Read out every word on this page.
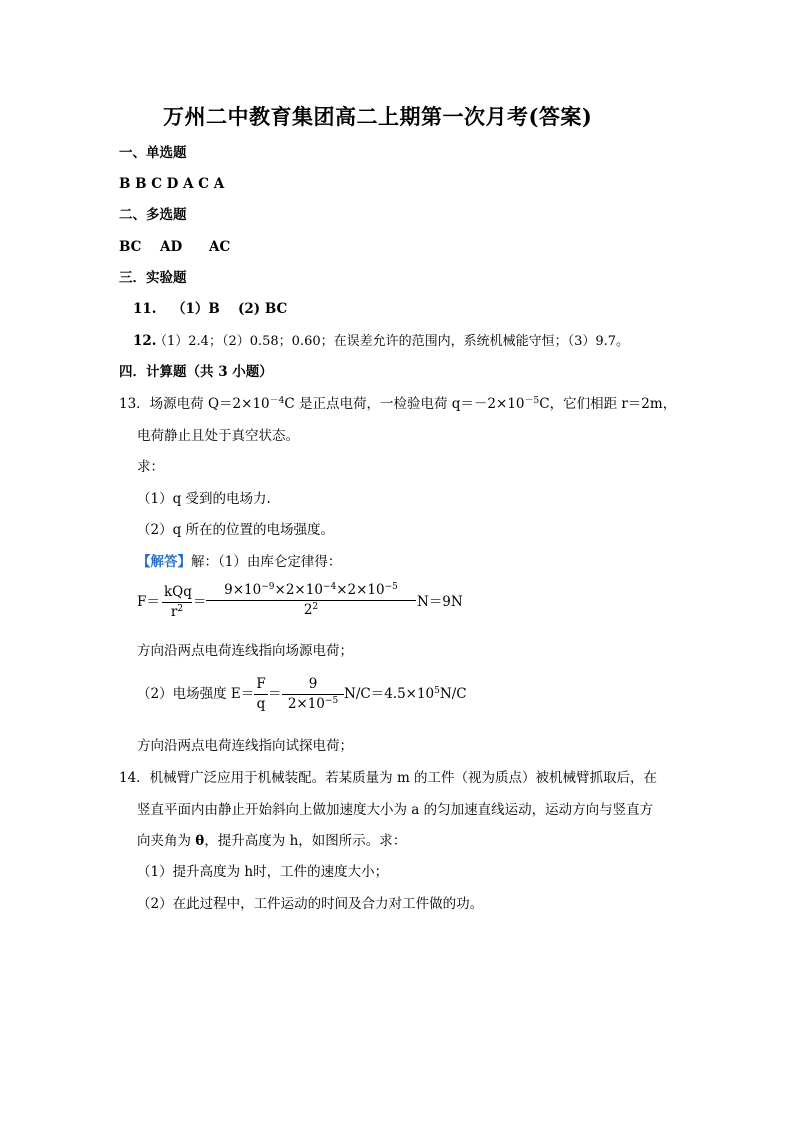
万州二中教育集团高二上期第一次月考(答案)
一、单选题
B B C D A C A
二、多选题
BC AD AC
三．实验题
11. （1）B (2) BC
12.
（1）2.4；（2）0.58；0.60；在误差允许的范围内，系统机械能守恒；（3）9.7。
四．计算题（共 3 小题）
13．场源电荷 $Q=2\times 10^{-4}C$ 是正点电荷，一检验电荷 $q=-2\times 10^{-5}C$，它们相距 r＝2m，
电荷静止且处于真空状态。
求：
（1）q 受到的电场力.
（2）q 所在的位置的电场强度。
【解答】解：（1）由库仑定律得：
F＝
kQq
$r^2$ ＝
$9\times 10^{-9}\times 2\times 10^{-4}\times 2\times 10^{-5}$
$2^2$	N＝9N
方向沿两点电荷连线指向场源电荷；
（2）电场强度 E＝
F
q
＝
9
$2\times 10^{-5}$ $N/C=4.5\times 10^5N/C$
方向沿两点电荷连线指向试探电荷；
14．机械臂广泛应用于机械装配。若某质量为 m 的工件（视为质点）被机械臂抓取后，在
竖直平面内由静止开始斜向上做加速度大小为 a 的匀加速直线运动，运动方向与竖直方
向夹角为 θ，提升高度为 h，如图所示。求：
（1）提升高度为 h时，工件的速度大小；
（2）在此过程中，工件运动的时间及合力对工件做的功。
